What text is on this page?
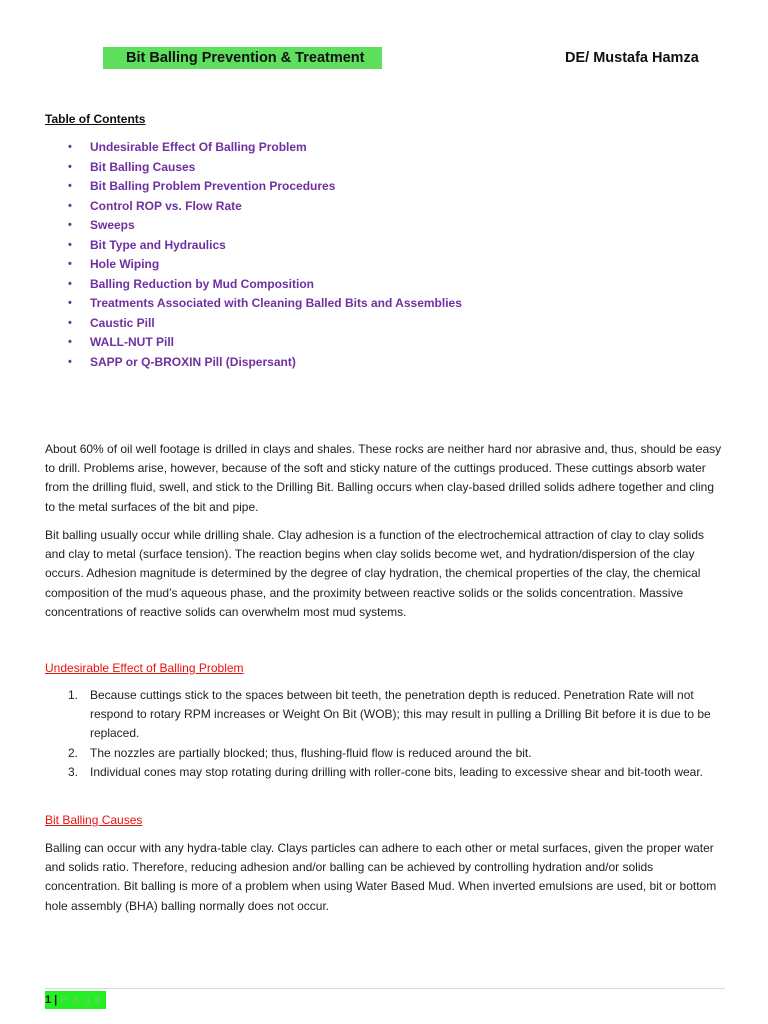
Bit Balling Prevention & Treatment	DE/ Mustafa Hamza
Table of Contents
• Undesirable Effect Of Balling Problem
• Bit Balling Causes
• Bit Balling Problem Prevention Procedures
• Control ROP vs. Flow Rate
• Sweeps
• Bit Type and Hydraulics
• Hole Wiping
• Balling Reduction by Mud Composition
• Treatments Associated with Cleaning Balled Bits and Assemblies
• Caustic Pill
• WALL-NUT Pill
• SAPP or Q-BROXIN Pill (Dispersant)

About 60% of oil well footage is drilled in clays and shales. These rocks are neither hard nor abrasive and, thus, should be easy to drill. Problems arise, however, because of the soft and sticky nature of the cuttings produced. These cuttings absorb water from the drilling fluid, swell, and stick to the Drilling Bit. Balling occurs when clay-based drilled solids adhere together and cling to the metal surfaces of the bit and pipe.

Bit balling usually occur while drilling shale. Clay adhesion is a function of the electrochemical attraction of clay to clay solids and clay to metal (surface tension). The reaction begins when clay solids become wet, and hydration/dispersion of the clay occurs. Adhesion magnitude is determined by the degree of clay hydration, the chemical properties of the clay, the chemical composition of the mud’s aqueous phase, and the proximity between reactive solids or the solids concentration. Massive concentrations of reactive solids can overwhelm most mud systems.

Undesirable Effect of Balling Problem
1. Because cuttings stick to the spaces between bit teeth, the penetration depth is reduced. Penetration Rate will not respond to rotary RPM increases or Weight On Bit (WOB); this may result in pulling a Drilling Bit before it is due to be replaced.
2. The nozzles are partially blocked; thus, flushing-fluid flow is reduced around the bit.
3. Individual cones may stop rotating during drilling with roller-cone bits, leading to excessive shear and bit-tooth wear.
Bit Balling Causes

Balling can occur with any hydra-table clay. Clays particles can adhere to each other or metal surfaces, given the proper water and solids ratio. Therefore, reducing adhesion and/or balling can be achieved by controlling hydration and/or solids concentration. Bit balling is more of a problem when using Water Based Mud. When inverted emulsions are used, bit or bottom hole assembly (BHA) balling normally does not occur.

1 | P a g e
